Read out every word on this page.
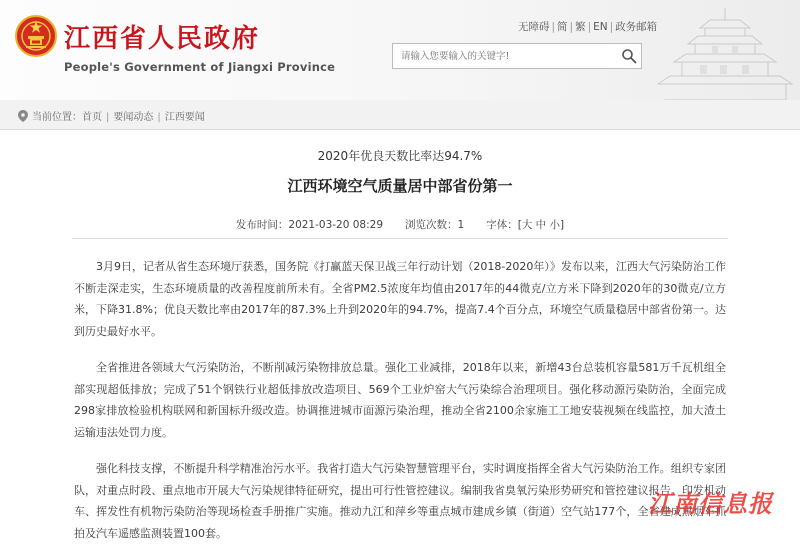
江西省人民政府
People's Government of Jiangxi Province
无障碍 | 简 | 繁 | EN | 政务邮箱
请输入您要输入的关键字!
当前位置：首页 | 要闻动态 | 江西要闻
2020年优良天数比率达94.7%
江西环境空气质量居中部省份第一
发布时间：2021-03-20 08:29 浏览次数：1 字体：[大 中 小]

3月9日，记者从省生态环境厅获悉，国务院《打赢蓝天保卫战三年行动计划（2018-2020年）》发布以来，江西大气污染防治工作不断走深走实，生态环境质量的改善程度前所未有。全省PM2.5浓度年均值由2017年的44微克/立方米下降到2020年的30微克/立方米，下降31.8%；优良天数比率由2017年的87.3%上升到2020年的94.7%，提高7.4个百分点，环境空气质量稳居中部省份第一。达到历史最好水平。

全省推进各领域大气污染防治，不断削减污染物排放总量。强化工业减排，2018年以来，新增43台总装机容量581万千瓦机组全部实现超低排放；完成了51个钢铁行业超低排放改造项目、569个工业炉窑大气污染综合治理项目。强化移动源污染防治，全面完成298家排放检验机构联网和新国标升级改造。协调推进城市面源污染治理，推动全省2100余家施工工地安装视频在线监控，加大渣土运输违法处罚力度。

强化科技支撑，不断提升科学精准治污水平。我省打造大气污染智慧管理平台，实时调度指挥全省大气污染防治工作。组织专家团队，对重点时段、重点地市开展大气污染规律特征研究，提出可行性管控建议。编制我省臭氧污染形势研究和管控建议报告。印发机动车、挥发性有机物污染防治等现场检查手册推广实施。推动九江和萍乡等重点城市建成乡镇（街道）空气站177个，全省建成黑烟车抓拍及汽车遥感监测装置100套。

江南信息报
